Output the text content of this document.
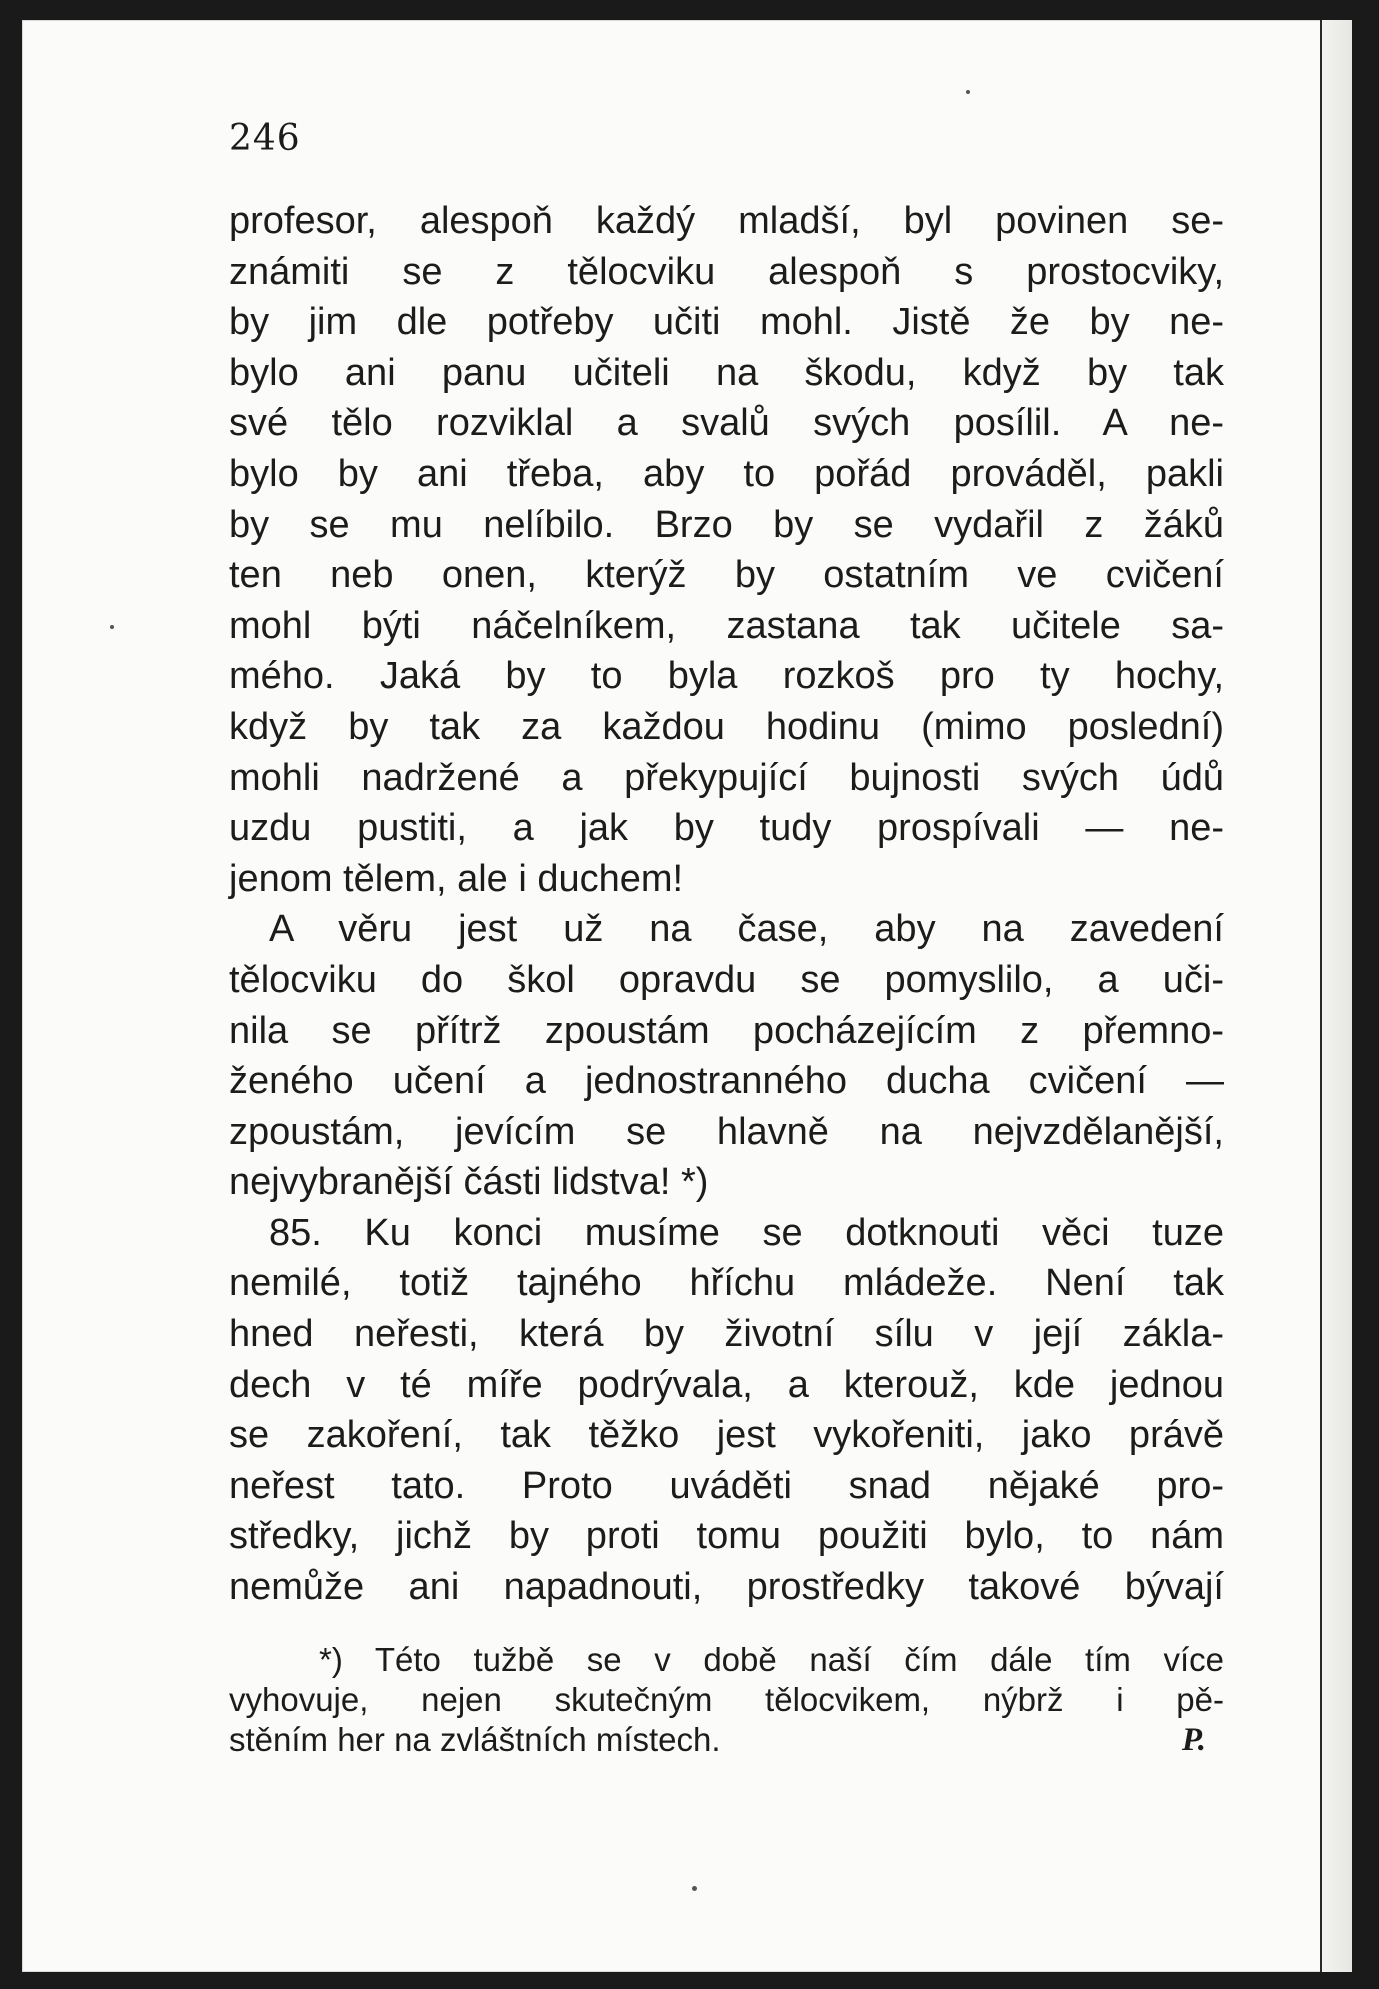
246
profesor, alespoň každý mladší, byl povinen se-
známiti se z tělocviku alespoň s prostocviky,
by jim dle potřeby učiti mohl. Jistě že by ne-
bylo ani panu učiteli na škodu, když by tak
své tělo rozviklal a svalů svých posílil. A ne-
bylo by ani třeba, aby to pořád prováděl, pakli
by se mu nelíbilo. Brzo by se vydařil z žáků
ten neb onen, kterýž by ostatním ve cvičení
mohl býti náčelníkem, zastana tak učitele sa-
mého. Jaká by to byla rozkoš pro ty hochy,
když by tak za každou hodinu (mimo poslední)
mohli nadržené a překypující bujnosti svých údů
uzdu pustiti, a jak by tudy prospívali — ne-
jenom tělem, ale i duchem!
A věru jest už na čase, aby na zavedení
tělocviku do škol opravdu se pomyslilo, a uči-
nila se přítrž zpoustám pocházejícím z přemno-
ženého učení a jednostranného ducha cvičení —
zpoustám, jevícím se hlavně na nejvzdělanější,
nejvybranější části lidstva! *)
85. Ku konci musíme se dotknouti věci tuze
nemilé, totiž tajného hříchu mládeže. Není tak
hned neřesti, která by životní sílu v její zákla-
dech v té míře podrývala, a kterouž, kde jednou
se zakoření, tak těžko jest vykořeniti, jako právě
neřest tato. Proto uváděti snad nějaké pro-
středky, jichž by proti tomu použiti bylo, to nám
nemůže ani napadnouti, prostředky takové bývají
*) Této tužbě se v době naší čím dále tím více
vyhovuje, nejen skutečným tělocvikem, nýbrž i pě-
stěním her na zvláštních místech.	P.
